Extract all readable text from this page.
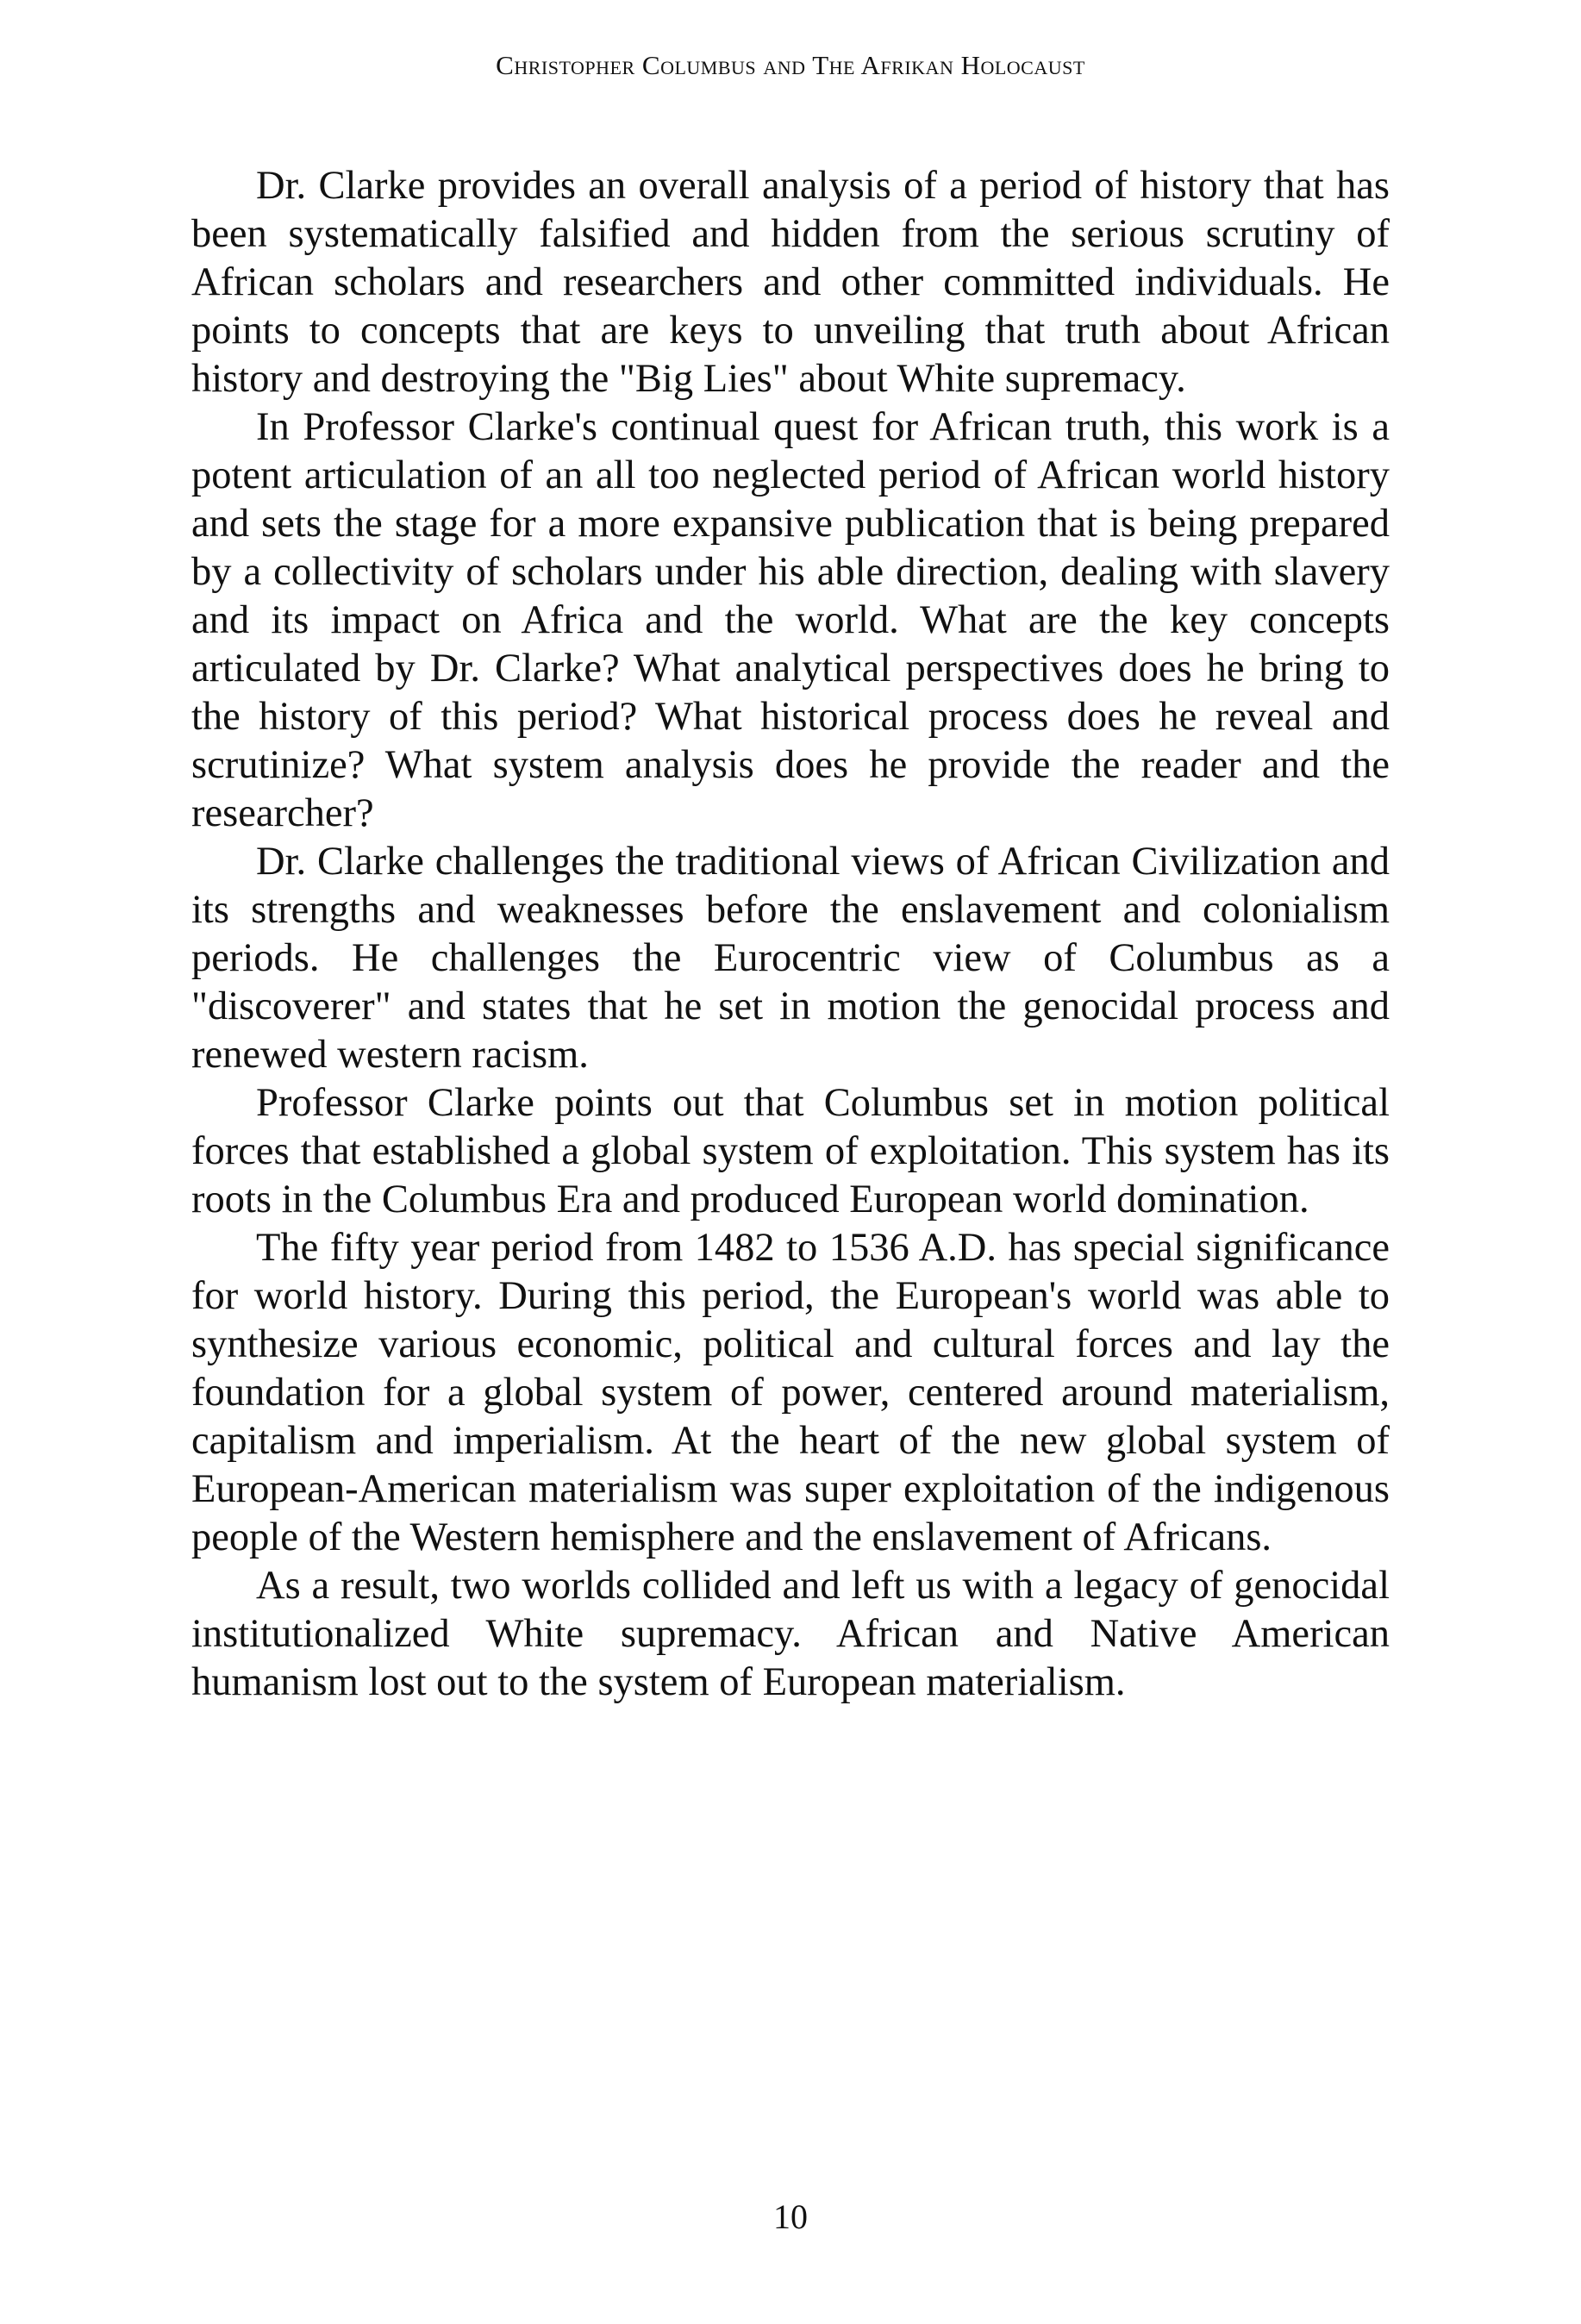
Christopher Columbus and The Afrikan Holocaust

Dr. Clarke provides an overall analysis of a period of history that has been systematically falsified and hidden from the serious scrutiny of African scholars and researchers and other committed individuals. He points to concepts that are keys to unveiling that truth about African history and destroying the "Big Lies" about White supremacy.

In Professor Clarke's continual quest for African truth, this work is a potent articulation of an all too neglected period of African world history and sets the stage for a more expansive publication that is being prepared by a collectivity of scholars under his able direction, dealing with slavery and its impact on Africa and the world. What are the key concepts articulated by Dr. Clarke? What analytical perspectives does he bring to the history of this period? What historical process does he reveal and scrutinize? What system analysis does he provide the reader and the researcher?

Dr. Clarke challenges the traditional views of African Civilization and its strengths and weaknesses before the enslavement and colonialism periods. He challenges the Eurocentric view of Columbus as a "discoverer" and states that he set in motion the genocidal process and renewed western racism.

Professor Clarke points out that Columbus set in motion political forces that established a global system of exploitation. This system has its roots in the Columbus Era and produced European world domination.

The fifty year period from 1482 to 1536 A.D. has special significance for world history. During this period, the European's world was able to synthesize various economic, political and cultural forces and lay the foundation for a global system of power, centered around materialism, capitalism and imperialism. At the heart of the new global system of European-American materialism was super exploitation of the indigenous people of the Western hemisphere and the enslavement of Africans.

As a result, two worlds collided and left us with a legacy of genocidal institutionalized White supremacy. African and Native American humanism lost out to the system of European materialism.

10
